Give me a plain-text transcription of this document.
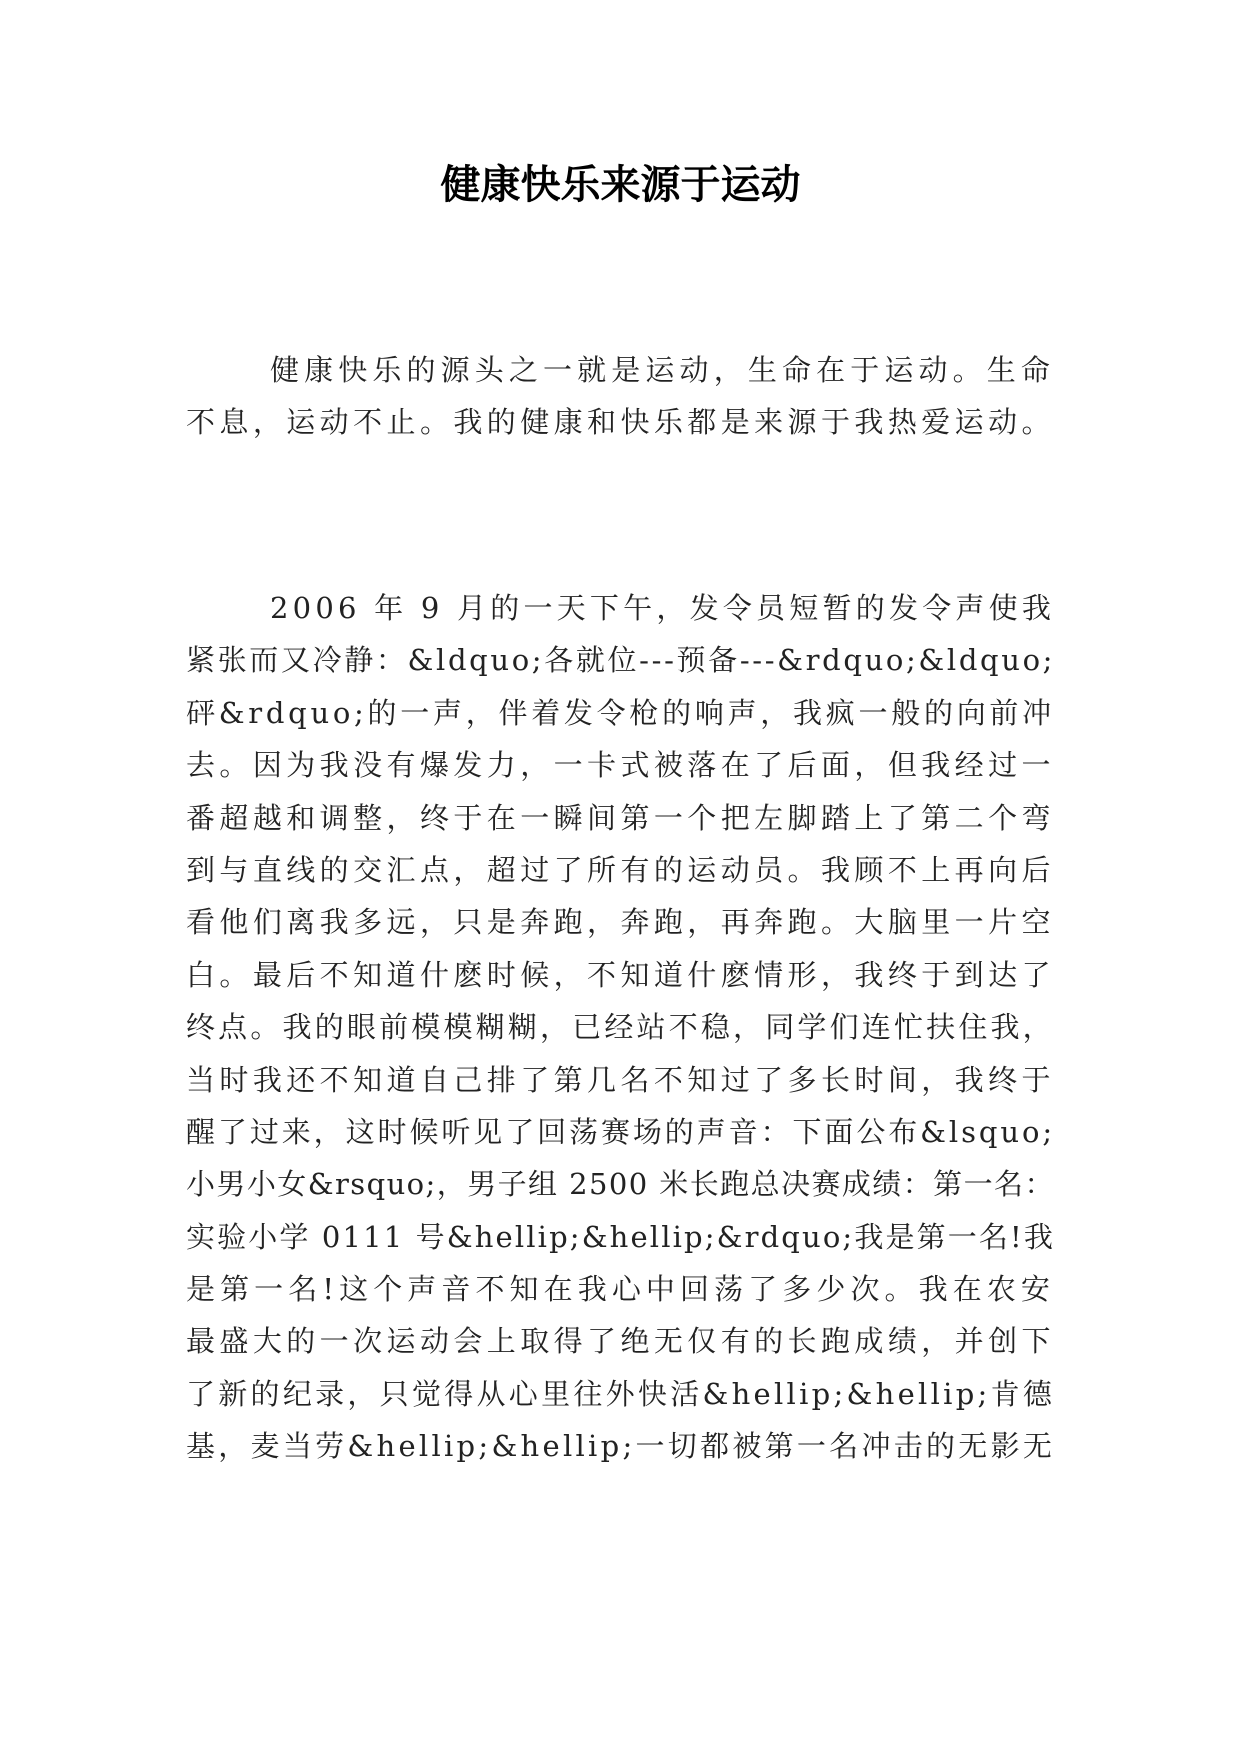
健康快乐来源于运动
健康快乐的源头之一就是运动，生命在于运动。生命
不息，运动不止。我的健康和快乐都是来源于我热爱运动。
2006 年 9 月的一天下午，发令员短暂的发令声使我
紧张而又冷静：&ldquo;各就位---预备---&rdquo;&ldquo;
砰&rdquo;的一声，伴着发令枪的响声，我疯一般的向前冲
去。因为我没有爆发力，一卡式被落在了后面，但我经过一
番超越和调整，终于在一瞬间第一个把左脚踏上了第二个弯
到与直线的交汇点，超过了所有的运动员。我顾不上再向后
看他们离我多远，只是奔跑，奔跑，再奔跑。大脑里一片空
白。最后不知道什麽时候，不知道什麽情形，我终于到达了
终点。我的眼前模模糊糊，已经站不稳，同学们连忙扶住我，
当时我还不知道自己排了第几名不知过了多长时间，我终于
醒了过来，这时候听见了回荡赛场的声音：下面公布&lsquo;
小男小女&rsquo;，男子组 2500 米长跑总决赛成绩：第一名：
实验小学 0111 号&hellip;&hellip;&rdquo;我是第一名!我
是第一名!这个声音不知在我心中回荡了多少次。我在农安
最盛大的一次运动会上取得了绝无仅有的长跑成绩，并创下
了新的纪录，只觉得从心里往外快活&hellip;&hellip;肯德
基，麦当劳&hellip;&hellip;一切都被第一名冲击的无影无
